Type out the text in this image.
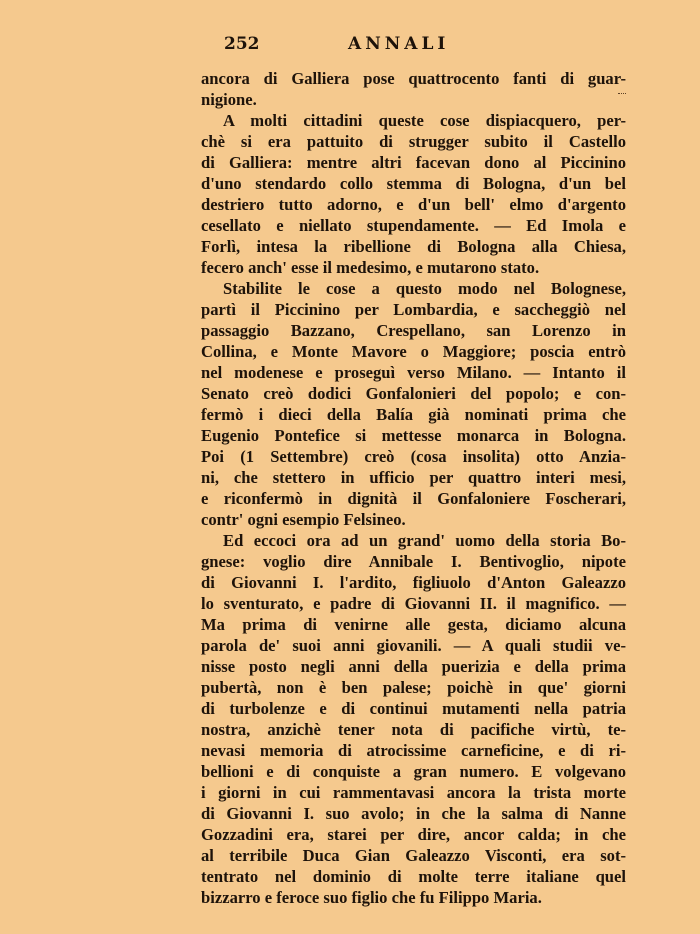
252	ANNALI
ancora di Galliera pose quattrocento fanti di guar-
nigione.
A molti cittadini queste cose dispiacquero, per-
chè si era pattuito di strugger subito il Castello
di Galliera: mentre altri facevan dono al Piccinino
d'uno stendardo collo stemma di Bologna, d'un bel
destriero tutto adorno, e d'un bell' elmo d'argento
cesellato e niellato stupendamente. — Ed Imola e
Forlì, intesa la ribellione di Bologna alla Chiesa,
fecero anch' esse il medesimo, e mutarono stato.
Stabilite le cose a questo modo nel Bolognese,
partì il Piccinino per Lombardia, e saccheggiò nel
passaggio Bazzano, Crespellano, san Lorenzo in
Collina, e Monte Mavore o Maggiore; poscia entrò
nel modenese e proseguì verso Milano. — Intanto il
Senato creò dodici Gonfalonieri del popolo; e con-
fermò i dieci della Balía già nominati prima che
Eugenio Pontefice si mettesse monarca in Bologna.
Poi (1 Settembre) creò (cosa insolita) otto Anzia-
ni, che stettero in ufficio per quattro interi mesi,
e riconfermò in dignità il Gonfaloniere Foscherari,
contr' ogni esempio Felsineo.
Ed eccoci ora ad un grand' uomo della storia Bo-
gnese: voglio dire Annibale I. Bentivoglio, nipote
di Giovanni I. l'ardito, figliuolo d'Anton Galeazzo
lo sventurato, e padre di Giovanni II. il magnifico. —
Ma prima di venirne alle gesta, diciamo alcuna
parola de' suoi anni giovanili. — A quali studii ve-
nisse posto negli anni della puerizia e della prima
pubertà, non è ben palese; poichè in que' giorni
di turbolenze e di continui mutamenti nella patria
nostra, anzichè tener nota di pacifiche virtù, te-
nevasi memoria di atrocissime carneficine, e di ri-
bellioni e di conquiste a gran numero. E volgevano
i giorni in cui rammentavasi ancora la trista morte
di Giovanni I. suo avolo; in che la salma di Nanne
Gozzadini era, starei per dire, ancor calda; in che
al terribile Duca Gian Galeazzo Visconti, era sot-
tentrato nel dominio di molte terre italiane quel
bizzarro e feroce suo figlio che fu Filippo Maria.
